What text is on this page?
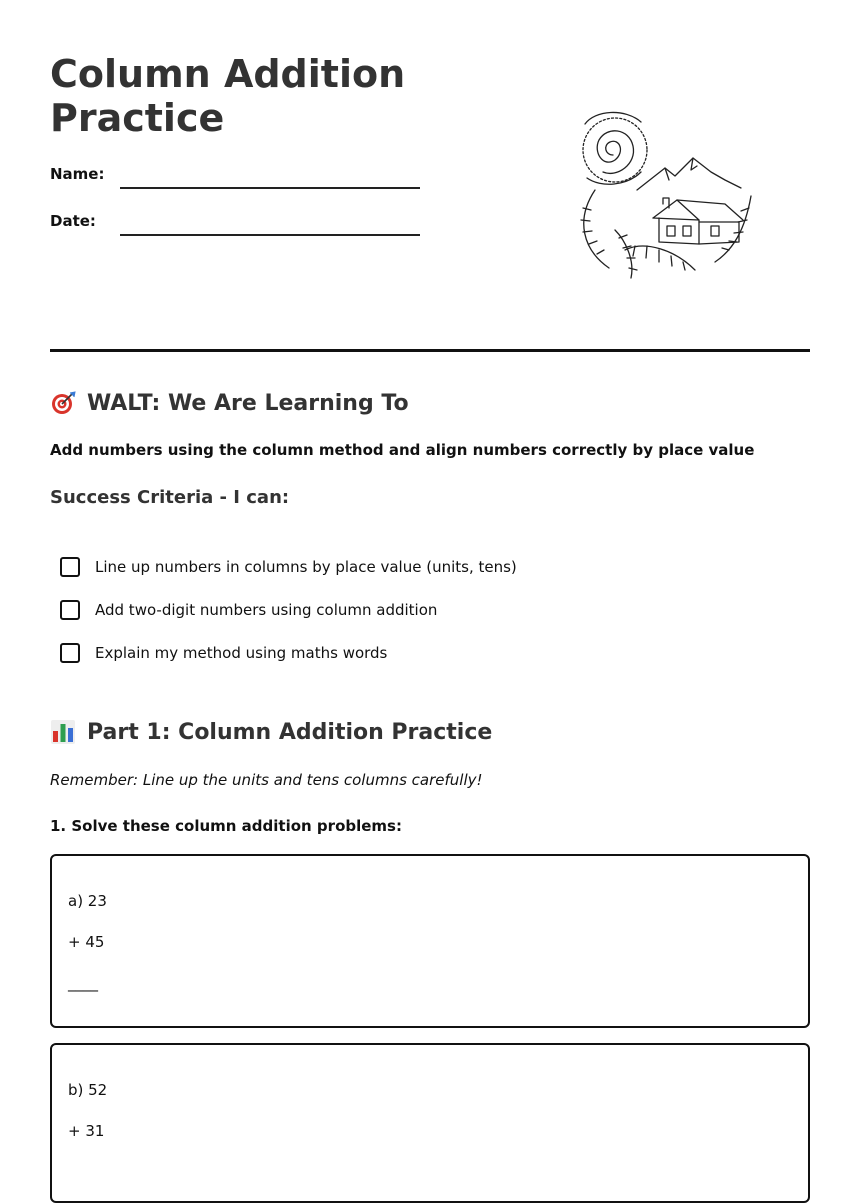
Column Addition
Practice
Name:
Date:
WALT: We Are Learning To
Add numbers using the column method and align numbers correctly by place value
Success Criteria - I can:
Line up numbers in columns by place value (units, tens)
Add two-digit numbers using column addition
Explain my method using maths words
Part 1: Column Addition Practice
Remember: Line up the units and tens columns carefully!
1. Solve these column addition problems:
a) 23
+ 45
____
b) 52
+ 31
